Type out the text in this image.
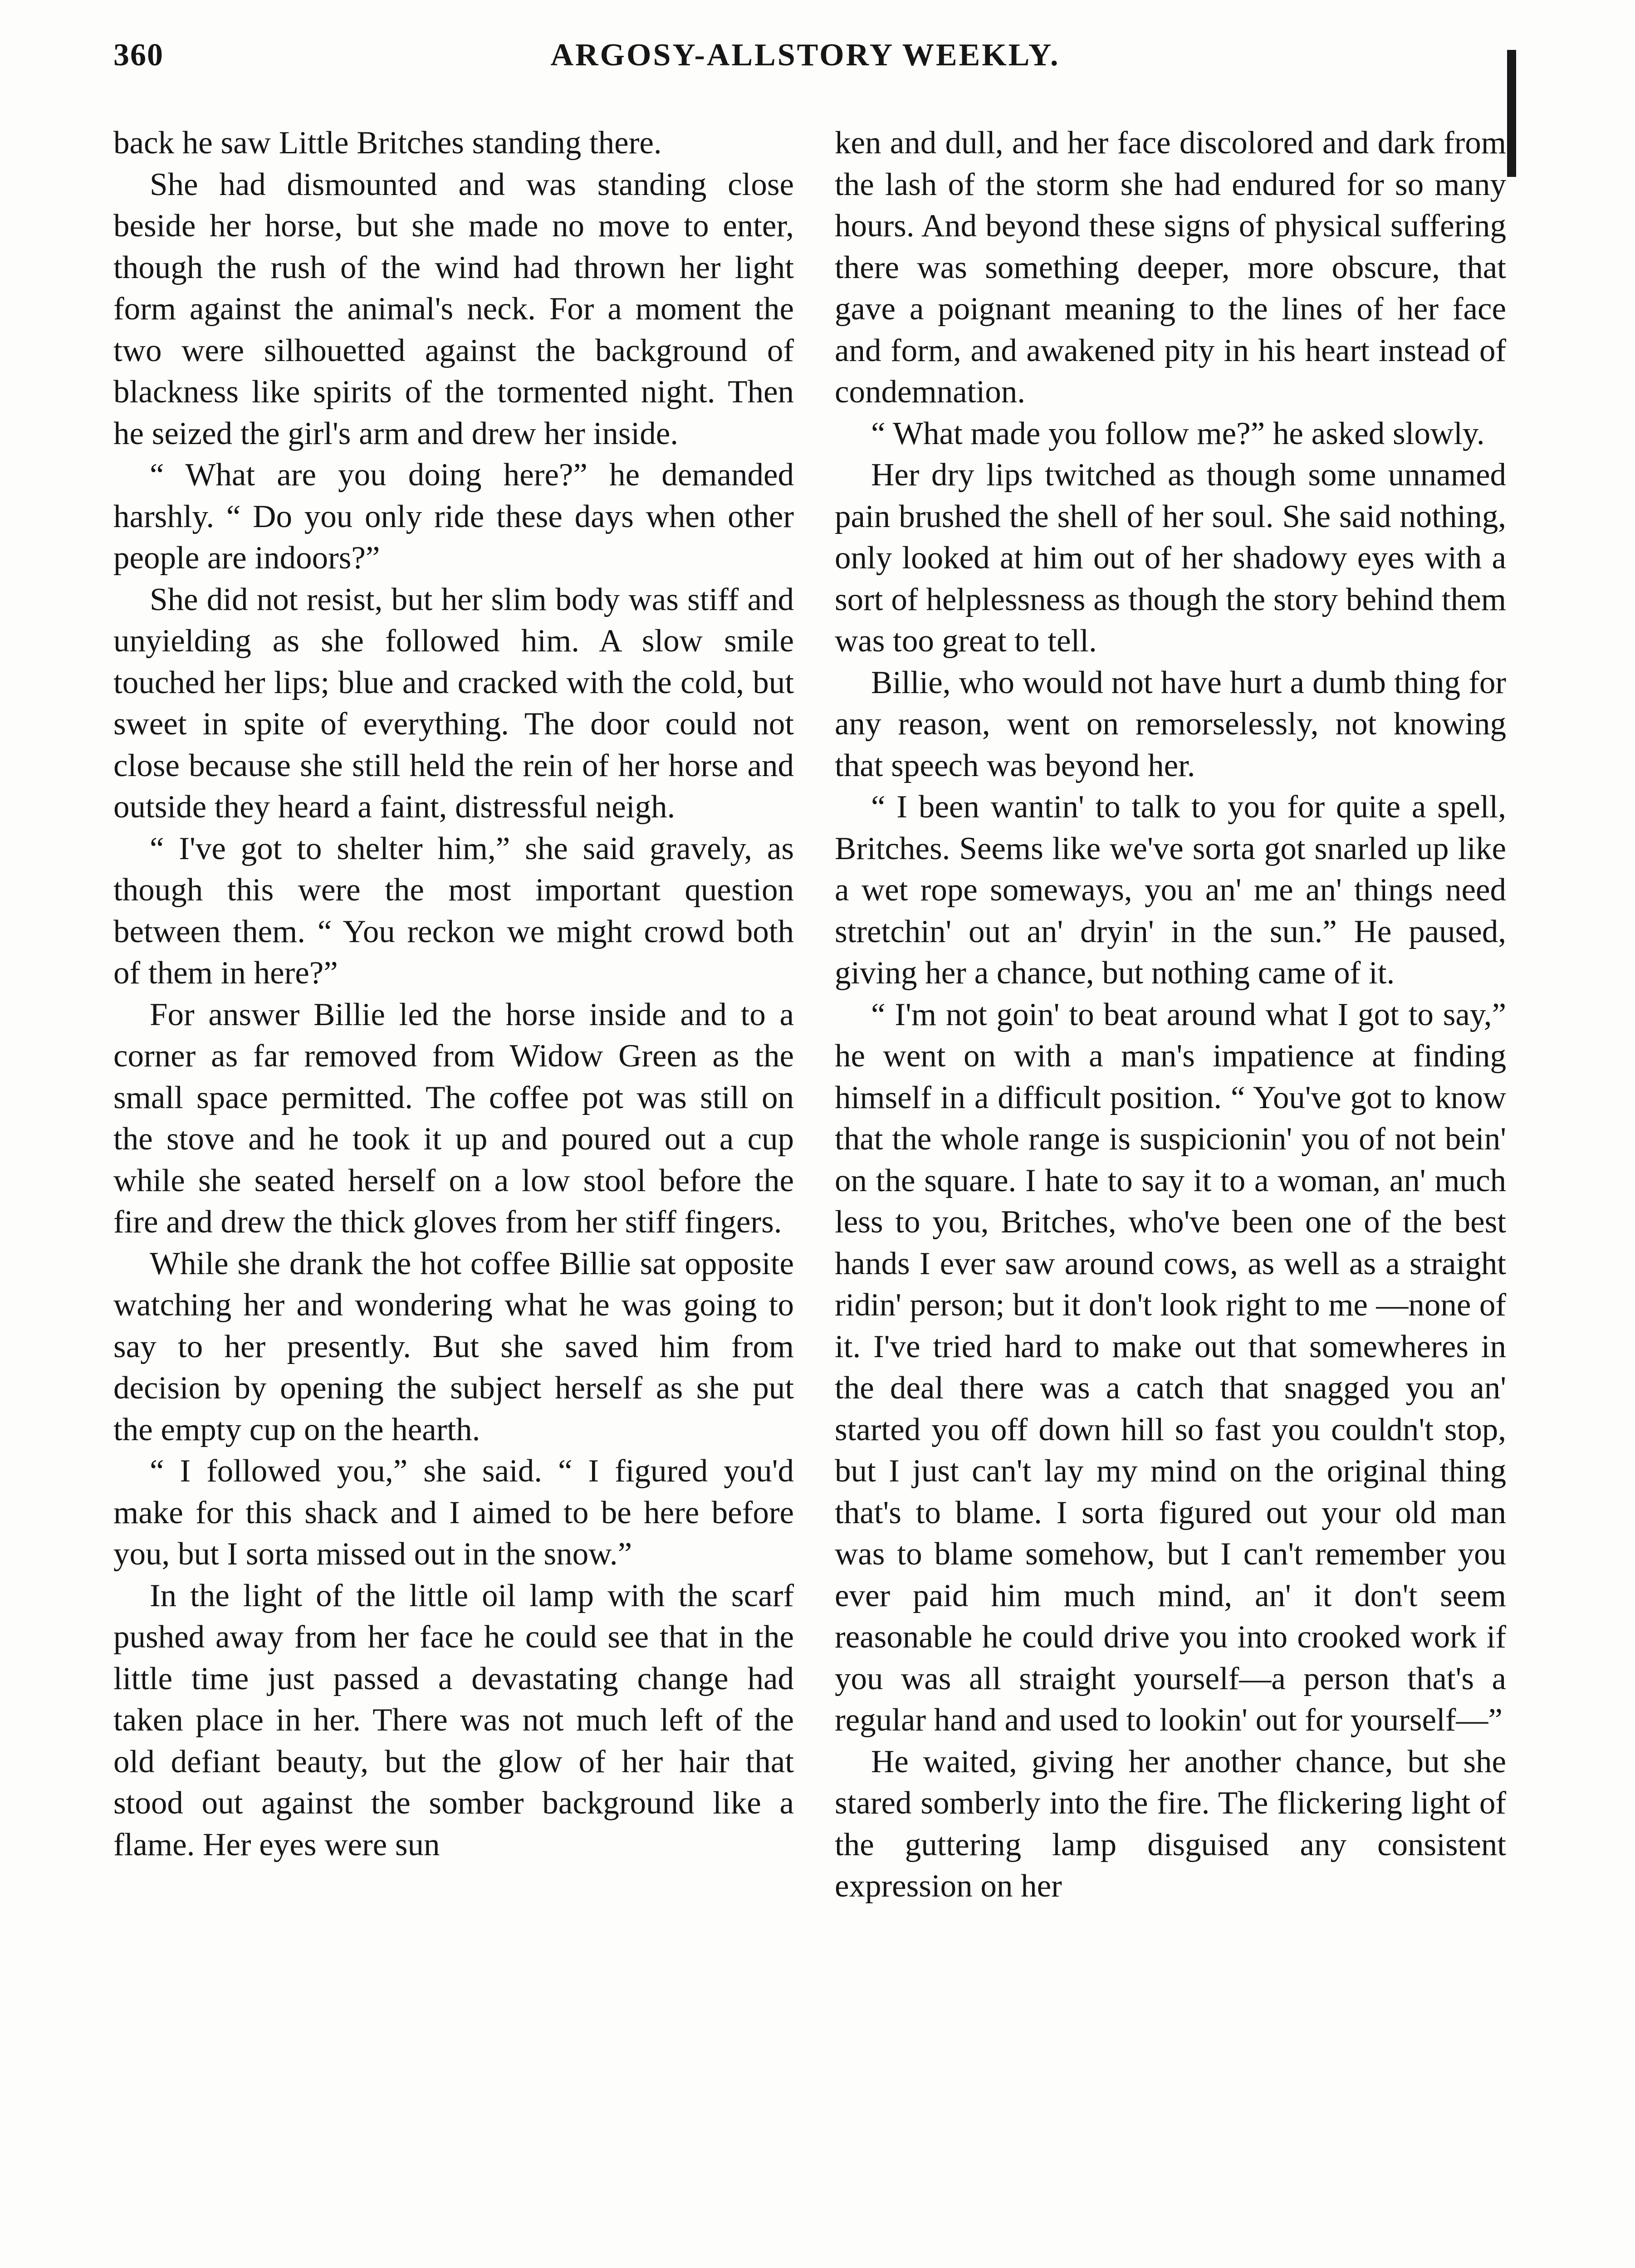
360	ARGOSY-ALLSTORY WEEKLY.

back he saw Little Britches standing there.

She had dismounted and was standing close beside her horse, but she made no move to enter, though the rush of the wind had thrown her light form against the animal's neck. For a moment the two were silhouetted against the background of blackness like spirits of the tormented night. Then he seized the girl's arm and drew her inside.

“ What are you doing here?” he demanded harshly. “ Do you only ride these days when other people are indoors?”

She did not resist, but her slim body was stiff and unyielding as she followed him. A slow smile touched her lips; blue and cracked with the cold, but sweet in spite of everything. The door could not close because she still held the rein of her horse and outside they heard a faint, distressful neigh.

“ I've got to shelter him,” she said gravely, as though this were the most important question between them. “ You reckon we might crowd both of them in here?”

For answer Billie led the horse inside and to a corner as far removed from Widow Green as the small space permitted. The coffee pot was still on the stove and he took it up and poured out a cup while she seated herself on a low stool before the fire and drew the thick gloves from her stiff fingers.

While she drank the hot coffee Billie sat opposite watching her and wondering what he was going to say to her presently. But she saved him from decision by opening the subject herself as she put the empty cup on the hearth.

“ I followed you,” she said. “ I figured you'd make for this shack and I aimed to be here before you, but I sorta missed out in the snow.”

In the light of the little oil lamp with the scarf pushed away from her face he could see that in the little time just passed a devastating change had taken place in her. There was not much left of the old defiant beauty, but the glow of her hair that stood out against the somber background like a flame. Her eyes were sun

ken and dull, and her face discolored and dark from the lash of the storm she had endured for so many hours. And beyond these signs of physical suffering there was something deeper, more obscure, that gave a poignant meaning to the lines of her face and form, and awakened pity in his heart instead of condemnation.

“ What made you follow me?” he asked slowly.

Her dry lips twitched as though some unnamed pain brushed the shell of her soul. She said nothing, only looked at him out of her shadowy eyes with a sort of helplessness as though the story behind them was too great to tell.

Billie, who would not have hurt a dumb thing for any reason, went on remorselessly, not knowing that speech was beyond her.

“ I been wantin' to talk to you for quite a spell, Britches. Seems like we've sorta got snarled up like a wet rope someways, you an' me an' things need stretchin' out an' dryin' in the sun.” He paused, giving her a chance, but nothing came of it.

“ I'm not goin' to beat around what I got to say,” he went on with a man's impatience at finding himself in a difficult position. “ You've got to know that the whole range is suspicionin' you of not bein' on the square. I hate to say it to a woman, an' much less to you, Britches, who've been one of the best hands I ever saw around cows, as well as a straight ridin' person; but it don't look right to me —none of it. I've tried hard to make out that somewheres in the deal there was a catch that snagged you an' started you off down hill so fast you couldn't stop, but I just can't lay my mind on the original thing that's to blame. I sorta figured out your old man was to blame somehow, but I can't remember you ever paid him much mind, an' it don't seem reasonable he could drive you into crooked work if you was all straight yourself—a person that's a regular hand and used to lookin' out for yourself—”

He waited, giving her another chance, but she stared somberly into the fire. The flickering light of the guttering lamp disguised any consistent expression on her
